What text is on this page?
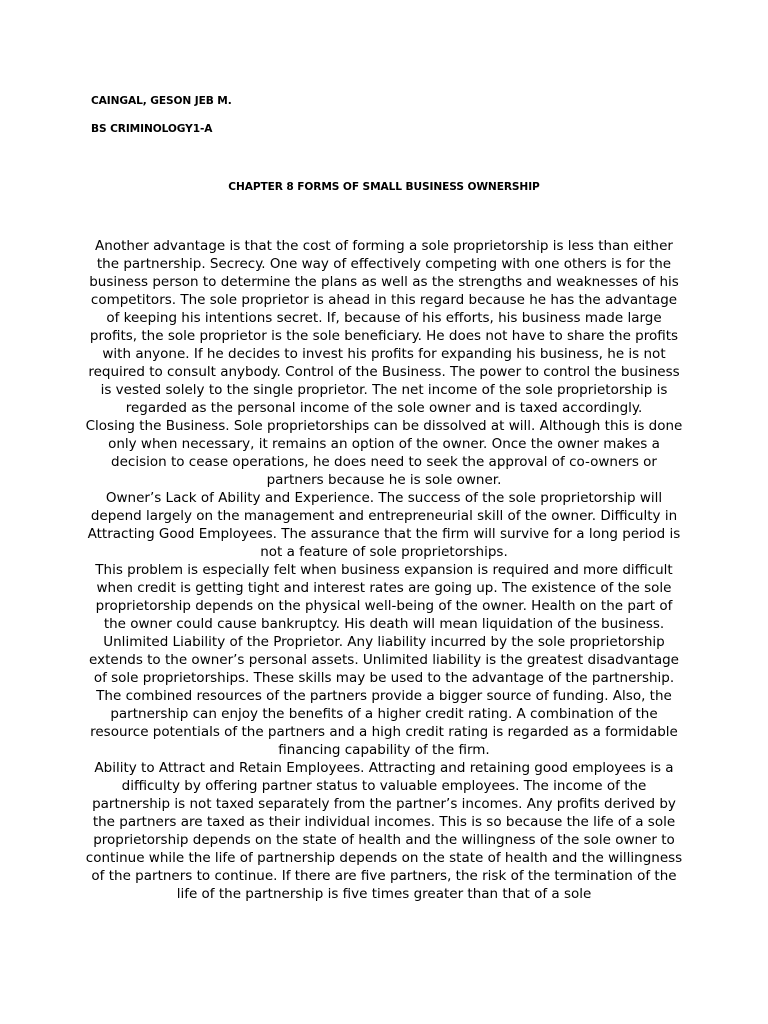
CAINGAL, GESON JEB M.
BS CRIMINOLOGY1-A
CHAPTER 8 FORMS OF SMALL BUSINESS OWNERSHIP

Another advantage is that the cost of forming a sole proprietorship is less than either the partnership. Secrecy. One way of effectively competing with one others is for the business person to determine the plans as well as the strengths and weaknesses of his competitors. The sole proprietor is ahead in this regard because he has the advantage of keeping his intentions secret. If, because of his efforts, his business made large profits, the sole proprietor is the sole beneficiary. He does not have to share the profits with anyone. If he decides to invest his profits for expanding his business, he is not required to consult anybody. Control of the Business. The power to control the business is vested solely to the single proprietor. The net income of the sole proprietorship is regarded as the personal income of the sole owner and is taxed accordingly.

Closing the Business. Sole proprietorships can be dissolved at will. Although this is done only when necessary, it remains an option of the owner. Once the owner makes a decision to cease operations, he does need to seek the approval of co-owners or partners because he is sole owner.

Owner’s Lack of Ability and Experience. The success of the sole proprietorship will depend largely on the management and entrepreneurial skill of the owner. Difficulty in Attracting Good Employees. The assurance that the firm will survive for a long period is not a feature of sole proprietorships.

This problem is especially felt when business expansion is required and more difficult when credit is getting tight and interest rates are going up. The existence of the sole proprietorship depends on the physical well-being of the owner. Health on the part of the owner could cause bankruptcy. His death will mean liquidation of the business. Unlimited Liability of the Proprietor. Any liability incurred by the sole proprietorship extends to the owner’s personal assets. Unlimited liability is the greatest disadvantage of sole proprietorships. These skills may be used to the advantage of the partnership. The combined resources of the partners provide a bigger source of funding. Also, the partnership can enjoy the benefits of a higher credit rating. A combination of the resource potentials of the partners and a high credit rating is regarded as a formidable financing capability of the firm.

Ability to Attract and Retain Employees. Attracting and retaining good employees is a difficulty by offering partner status to valuable employees. The income of the partnership is not taxed separately from the partner’s incomes. Any profits derived by the partners are taxed as their individual incomes. This is so because the life of a sole proprietorship depends on the state of health and the willingness of the sole owner to continue while the life of partnership depends on the state of health and the willingness of the partners to continue. If there are five partners, the risk of the termination of the life of the partnership is five times greater than that of a sole
